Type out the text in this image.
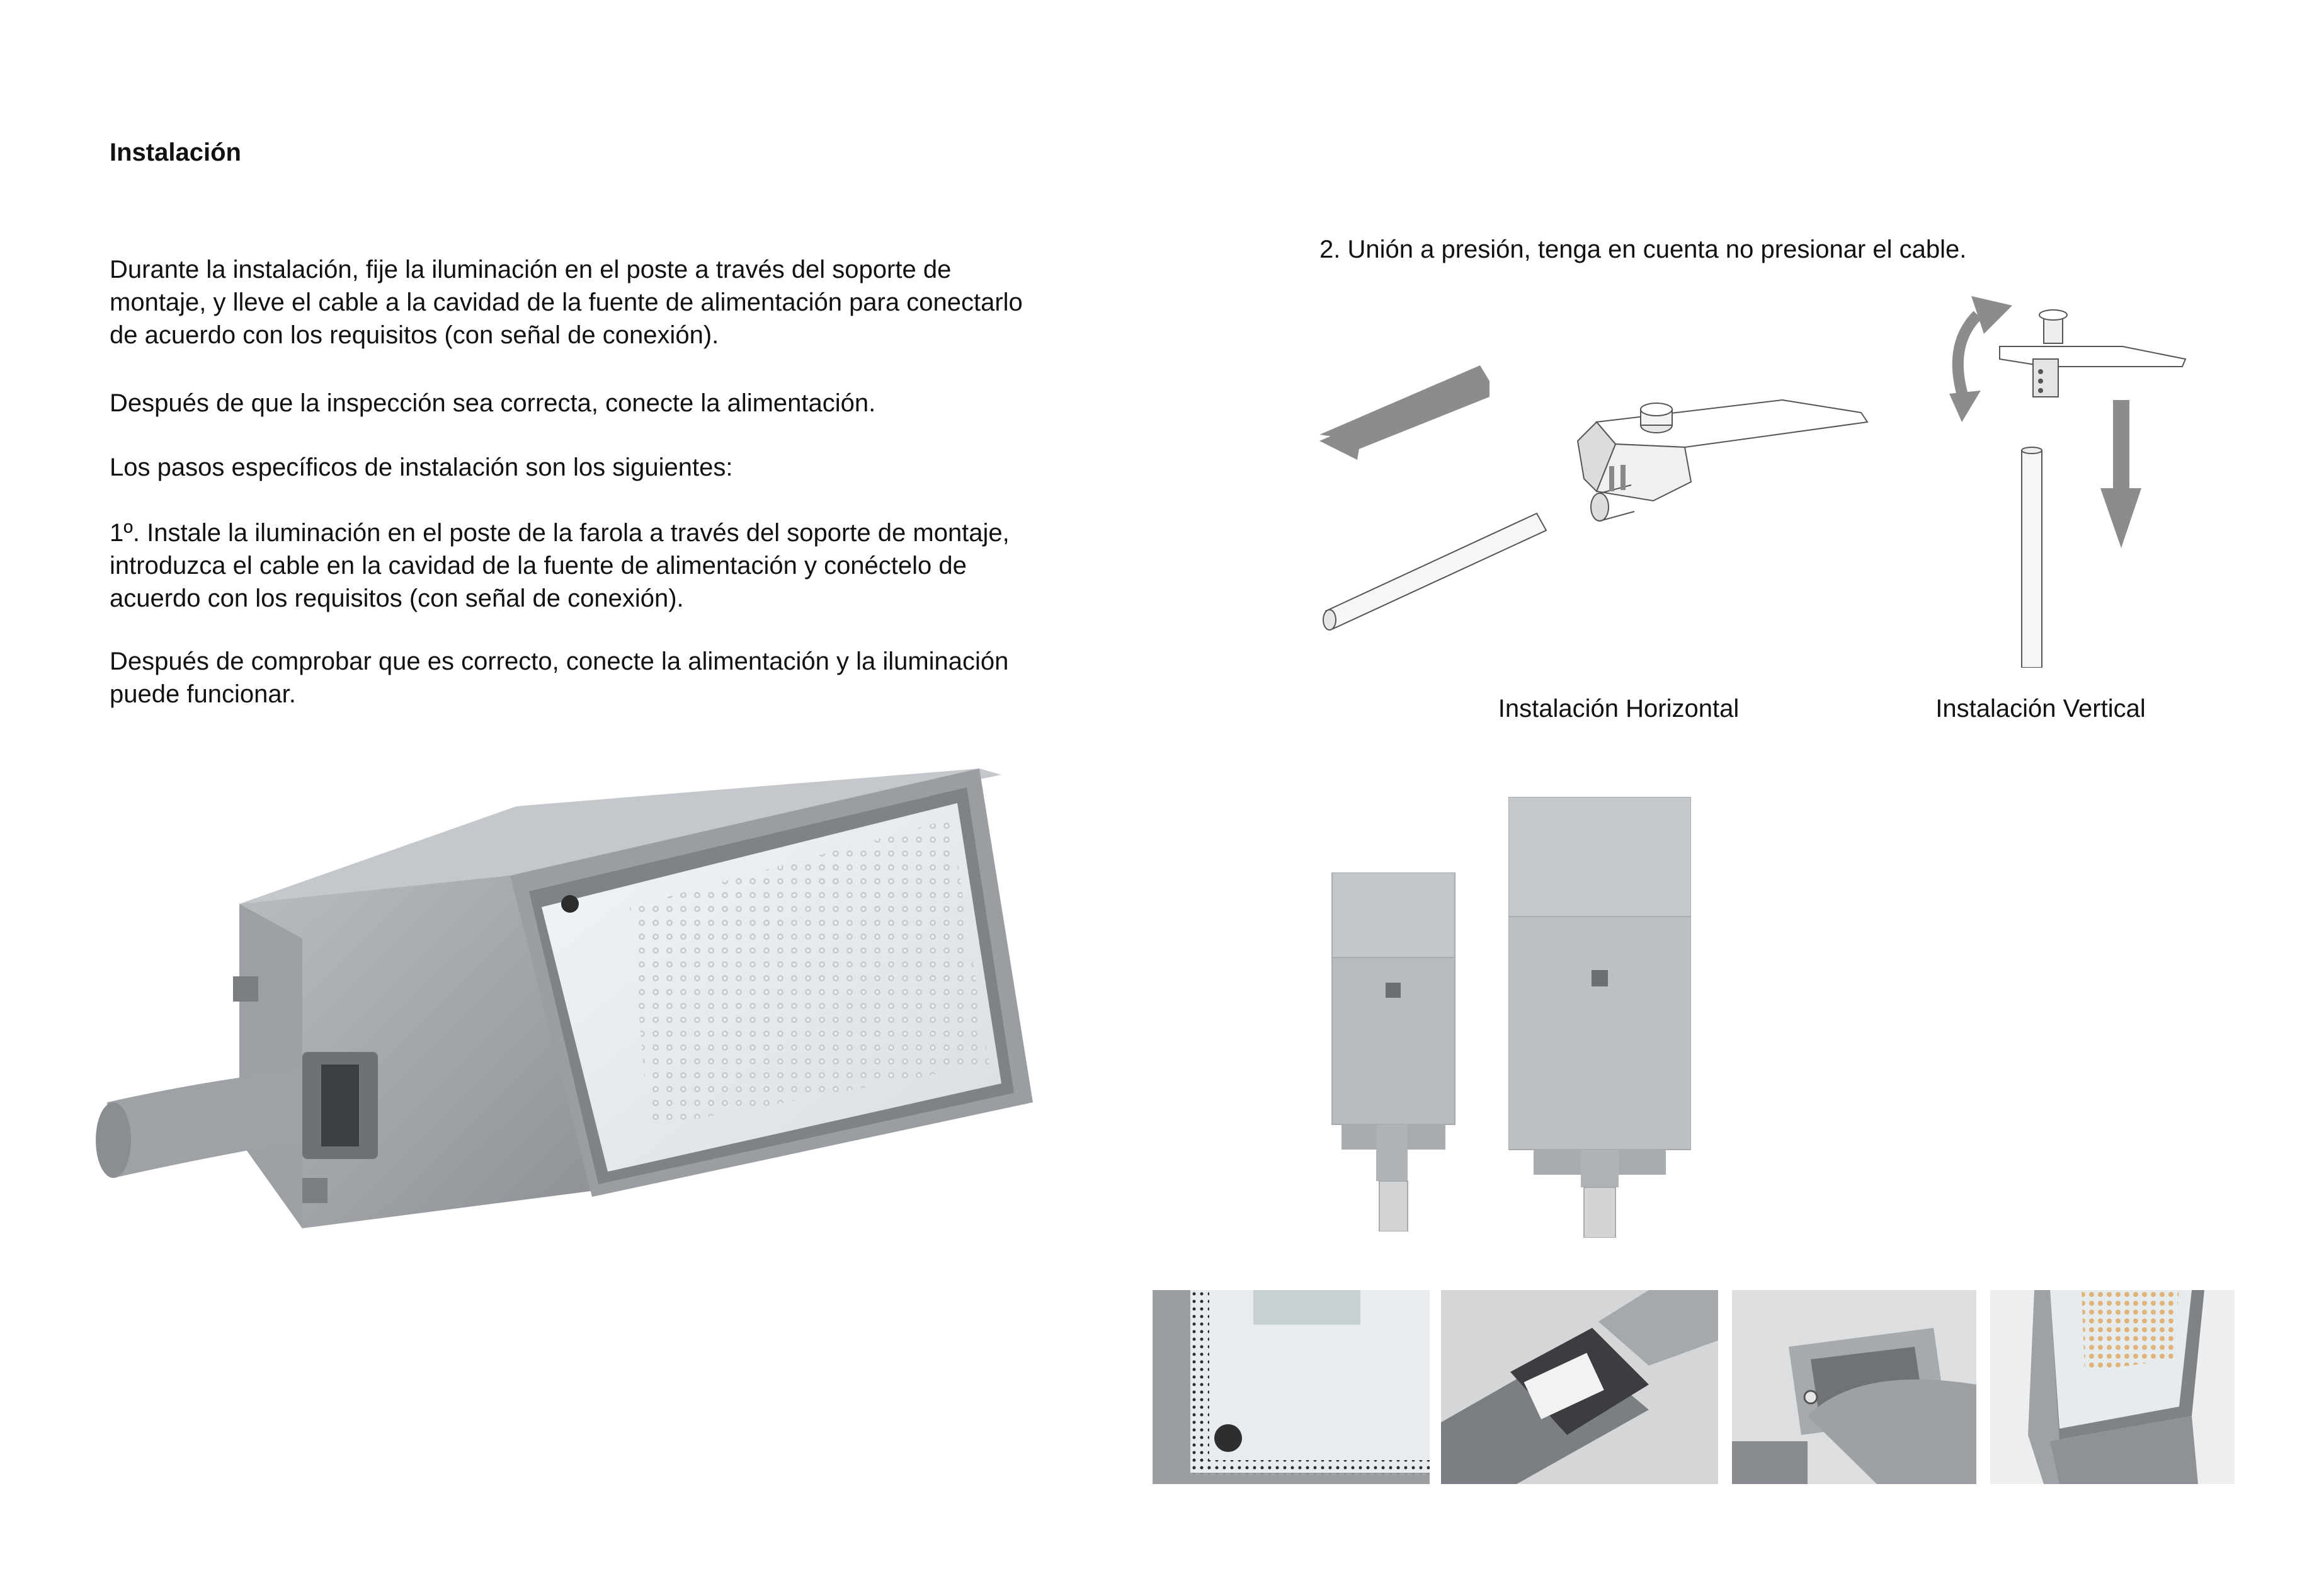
Instalación

Durante la instalación, fije la iluminación en el poste a través del soporte de montaje, y lleve el cable a la cavidad de la fuente de alimentación para conectarlo de acuerdo con los requisitos (con señal de conexión).

Después de que la inspección sea correcta, conecte la alimentación.

Los pasos específicos de instalación son los siguientes:

1º. Instale la iluminación en el poste de la farola a través del soporte de montaje, introduzca el cable en la cavidad de la fuente de alimentación y conéctelo de acuerdo con los requisitos (con señal de conexión).

Después de comprobar que es correcto, conecte la alimentación y la iluminación puede funcionar.

2. Unión a presión, tenga en cuenta no presionar el cable.
Instalación Horizontal	Instalación Vertical
